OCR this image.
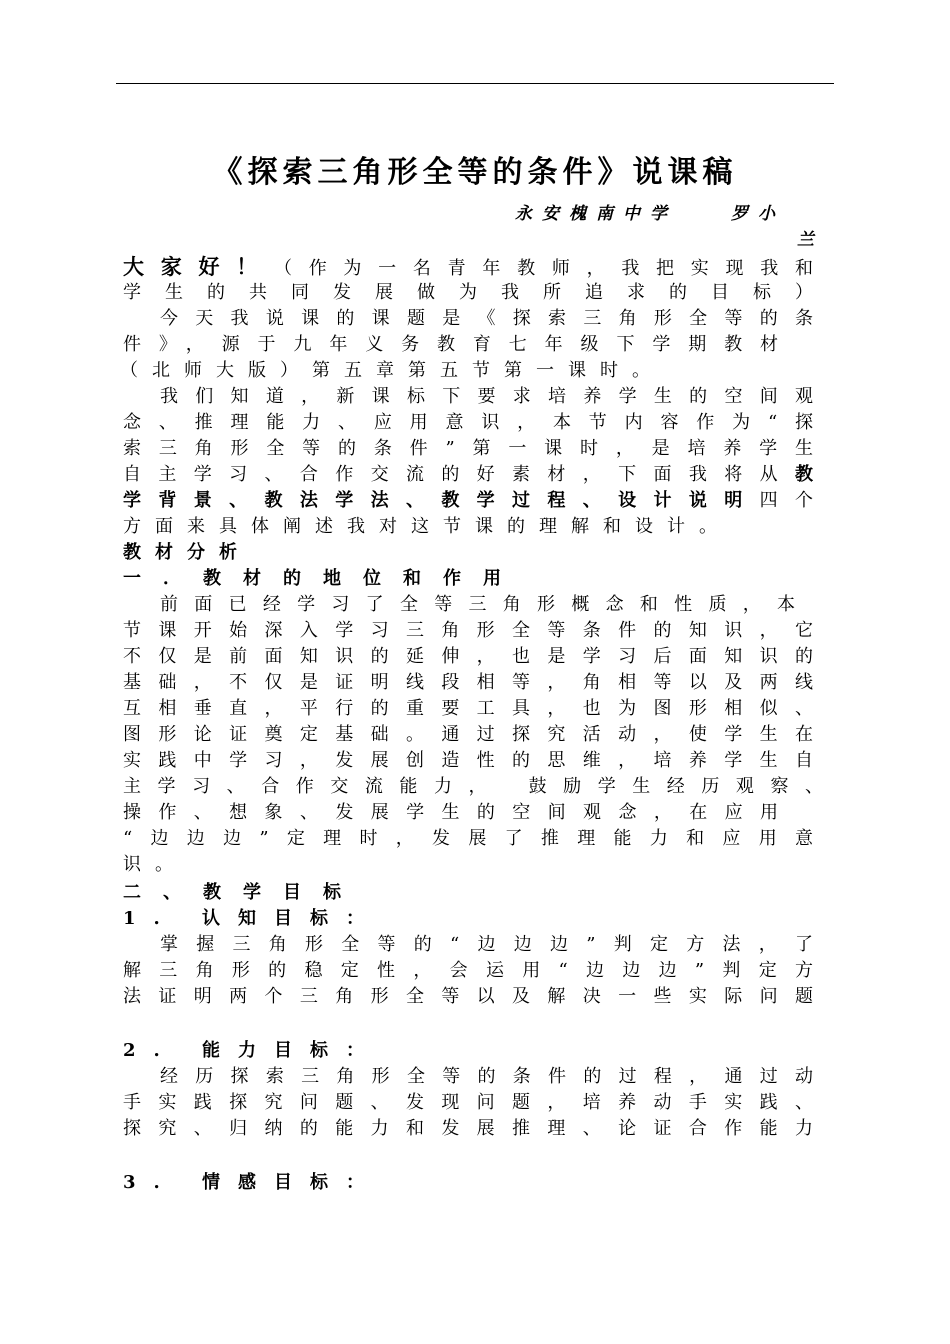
《探索三角形全等的条件》说课稿
永安槐南中学　　罗小
兰
大家好！（作为一名青年教师，我把实现我和
学生的共同发展做为我所追求的目标）
今天我说课的课题是《探索三角形全等的条
件》，源于九年义务教育七年级下学期教材
（北师大版）第五章第五节第一课时。
我们知道，新课标下要求培养学生的空间观
念、推理能力、应用意识，本节内容作为“探
索三角形全等的条件”第一课时，是培养学生
自主学习、合作交流的好素材，下面我将从教
学背景、教法学法、教学过程、设计说明四个
方面来具体阐述我对这节课的理解和设计。
教材分析
一．教材的地位和作用
前面已经学习了全等三角形概念和性质，本
节课开始深入学习三角形全等条件的知识，它
不仅是前面知识的延伸，也是学习后面知识的
基础，不仅是证明线段相等，角相等以及两线
互相垂直，平行的重要工具，也为图形相似、
图形论证奠定基础。通过探究活动，使学生在
实践中学习，发展创造性的思维，培养学生自
主学习、合作交流能力，　鼓励学生经历观察、
操作、想象、发展学生的空间观念，在应用
“边边边”定理时，发展了推理能力和应用意
识。
二、教学目标
1. 认知目标：
掌握三角形全等的“边边边”判定方法，了
解三角形的稳定性，会运用“边边边”判定方
法证明两个三角形全等以及解决一些实际问题
2. 能力目标：
经历探索三角形全等的条件的过程，通过动
手实践探究问题、发现问题，培养动手实践、
探究、归纳的能力和发展推理、论证合作能力
3. 情感目标：
